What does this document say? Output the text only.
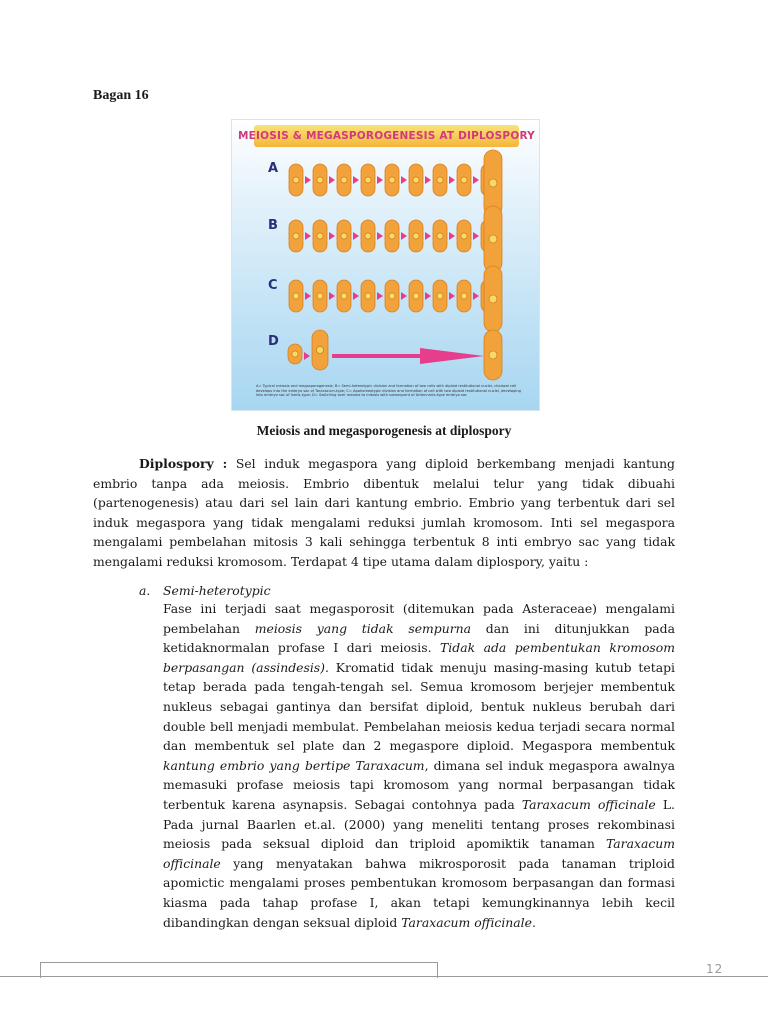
Bagan 16
MEIOSIS & MEGASPOROGENESIS AT DIPLOSPORY
A
B
C
D
A= Typical meiosis and megasporogenesis; B= Semi-heterotypic division and formation of two cells with diploid restitutional nuclei, chalazal cell develops into the embryo sac of Taraxacum-type; C= Apohomeotypic division and formation of cell with two diploid restitutional nuclei, developing into embryo sac of Ixeris-type; D= Switching over meiosis to mitosis with subsequent of Antennaria-type embryo sac
Meiosis and megasporogenesis at diplospory
Diplospory : Sel induk megaspora yang diploid berkembang menjadi kantung embrio tanpa ada meiosis. Embrio dibentuk melalui telur yang tidak dibuahi (partenogenesis) atau dari sel lain dari kantung embrio. Embrio yang terbentuk dari sel induk megaspora yang tidak mengalami reduksi jumlah kromosom. Inti sel megaspora mengalami pembelahan mitosis 3 kali sehingga terbentuk 8 inti embryo sac yang tidak mengalami reduksi kromosom. Terdapat 4 tipe utama dalam diplospory, yaitu :
a. Semi-heterotypic
Fase ini terjadi saat megasporosit (ditemukan pada Asteraceae) mengalami pembelahan meiosis yang tidak sempurna dan ini ditunjukkan pada ketidaknormalan profase I dari meiosis. Tidak ada pembentukan kromosom berpasangan (assindesis). Kromatid tidak menuju masing-masing kutub tetapi tetap berada pada tengah-tengah sel. Semua kromosom berjejer membentuk nukleus sebagai gantinya dan bersifat diploid, bentuk nukleus berubah dari double bell menjadi membulat. Pembelahan meiosis kedua terjadi secara normal dan membentuk sel plate dan 2 megaspore diploid. Megaspora membentuk kantung embrio yang bertipe Taraxacum, dimana sel induk megaspora awalnya memasuki profase meiosis tapi kromosom yang normal berpasangan tidak terbentuk karena asynapsis. Sebagai contohnya pada Taraxacum officinale L. Pada jurnal Baarlen et.al. (2000) yang meneliti tentang proses rekombinasi meiosis pada seksual diploid dan triploid apomiktik tanaman Taraxacum officinale yang menyatakan bahwa mikrosporosit pada tanaman triploid apomictic mengalami proses pembentukan kromosom berpasangan dan formasi kiasma pada tahap profase I, akan tetapi kemungkinannya lebih kecil dibandingkan dengan seksual diploid Taraxacum officinale.
12
